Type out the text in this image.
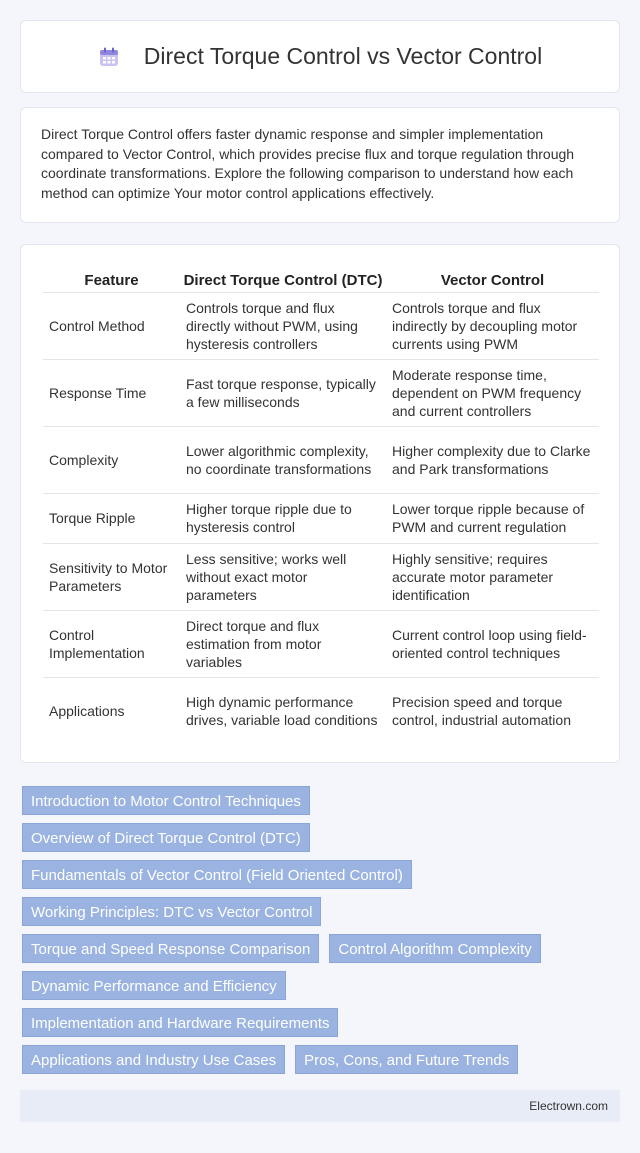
Direct Torque Control vs Vector Control

Direct Torque Control offers faster dynamic response and simpler implementation compared to Vector Control, which provides precise flux and torque regulation through coordinate transformations. Explore the following comparison to understand how each method can optimize Your motor control applications effectively.

Feature	Direct Torque Control (DTC)	Vector Control
Control Method	Controls torque and flux directly without PWM, using hysteresis controllers	Controls torque and flux indirectly by decoupling motor currents using PWM
Response Time	Fast torque response, typically a few milliseconds	Moderate response time, dependent on PWM frequency and current controllers
Complexity	Lower algorithmic complexity, no coordinate transformations	Higher complexity due to Clarke and Park transformations
Torque Ripple	Higher torque ripple due to hysteresis control	Lower torque ripple because of PWM and current regulation
Sensitivity to Motor Parameters	Less sensitive; works well without exact motor parameters	Highly sensitive; requires accurate motor parameter identification
Control Implementation	Direct torque and flux estimation from motor variables	Current control loop using field-oriented control techniques
Applications	High dynamic performance drives, variable load conditions	Precision speed and torque control, industrial automation
Introduction to Motor Control Techniques
Overview of Direct Torque Control (DTC)
Fundamentals of Vector Control (Field Oriented Control)
Working Principles: DTC vs Vector Control
Torque and Speed Response Comparison	Control Algorithm Complexity
Dynamic Performance and Efficiency
Implementation and Hardware Requirements
Applications and Industry Use Cases	Pros, Cons, and Future Trends
Electrown.com
